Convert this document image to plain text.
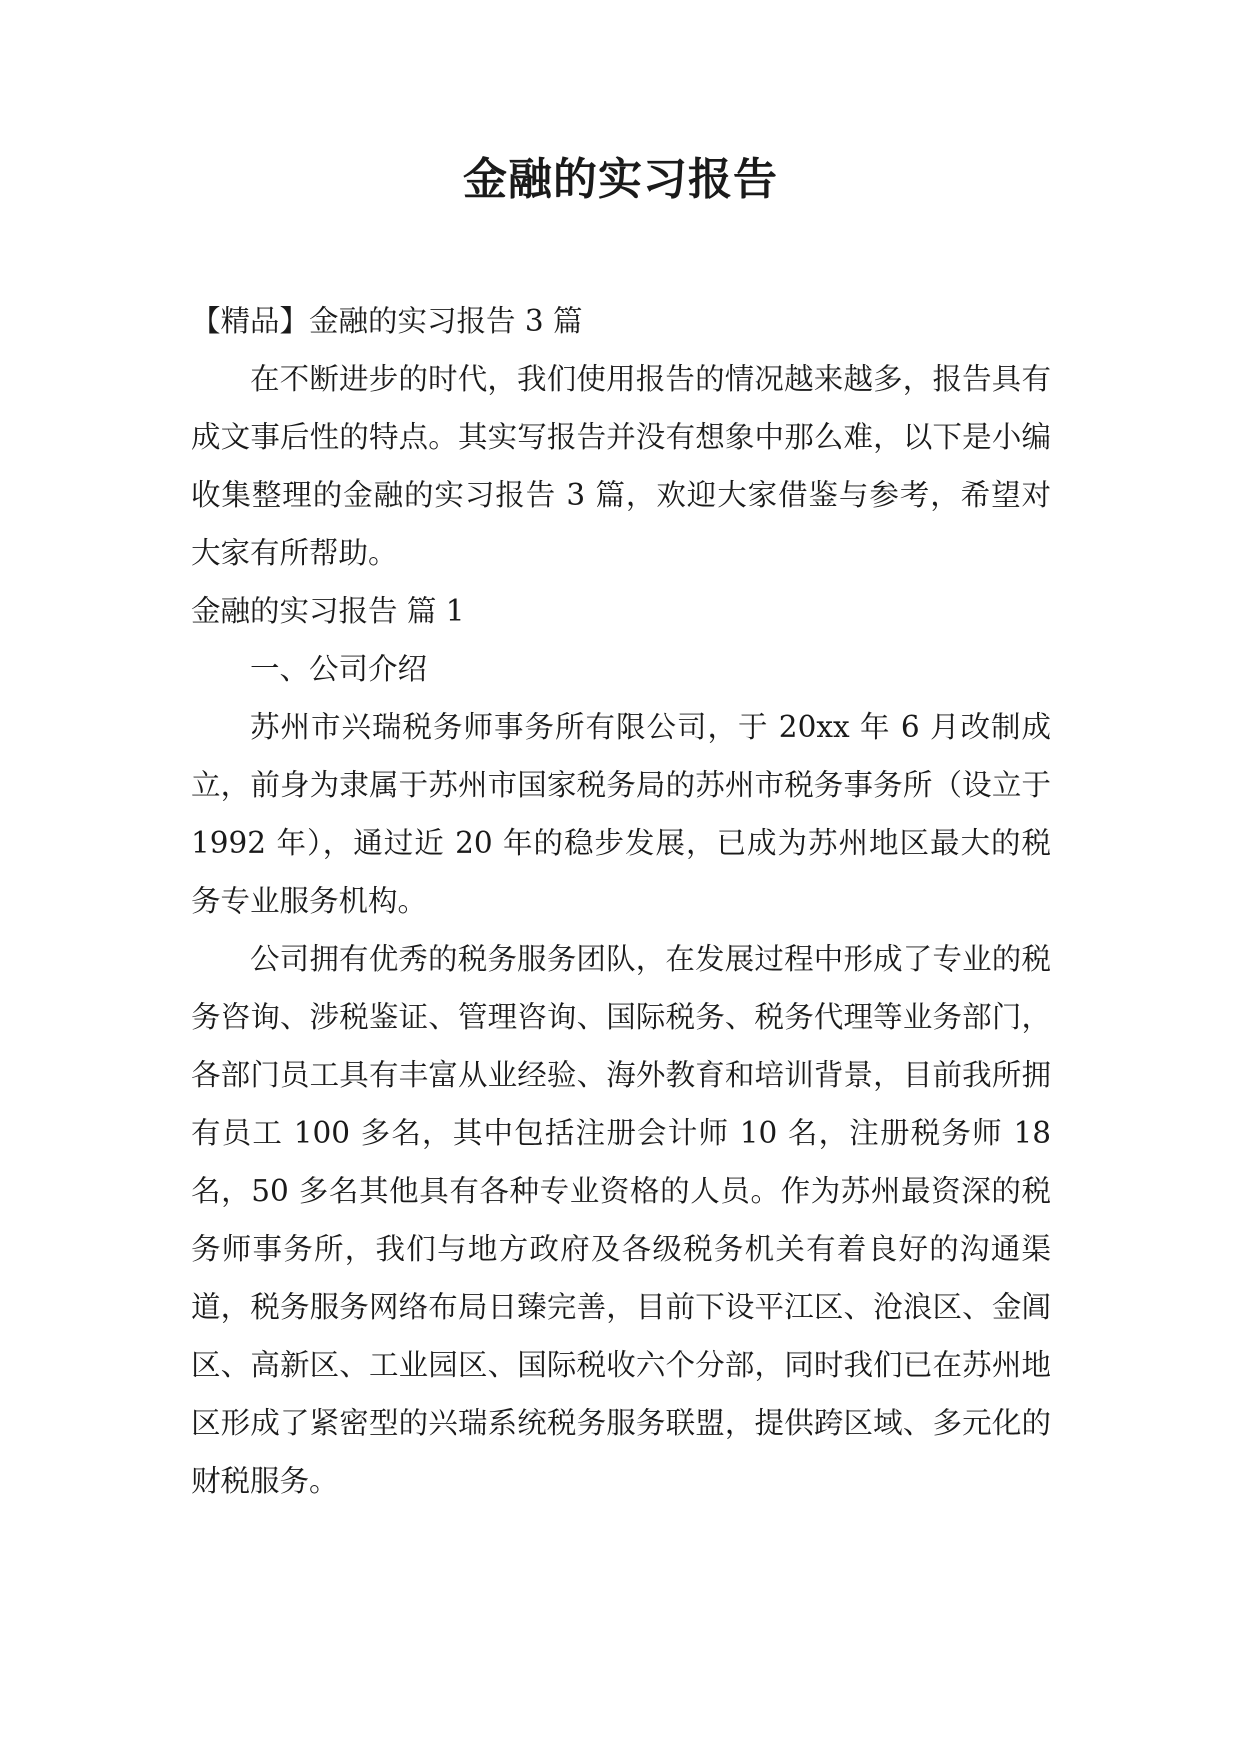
金融的实习报告

【精品】金融的实习报告 3 篇

在不断进步的时代，我们使用报告的情况越来越多，报告具有成文事后性的特点。其实写报告并没有想象中那么难，以下是小编收集整理的金融的实习报告 3 篇，欢迎大家借鉴与参考，希望对大家有所帮助。

金融的实习报告 篇 1

一、公司介绍

苏州市兴瑞税务师事务所有限公司，于 20xx 年 6 月改制成立，前身为隶属于苏州市国家税务局的苏州市税务事务所（设立于 1992 年），通过近 20 年的稳步发展，已成为苏州地区最大的税务专业服务机构。

公司拥有优秀的税务服务团队，在发展过程中形成了专业的税务咨询、涉税鉴证、管理咨询、国际税务、税务代理等业务部门，各部门员工具有丰富从业经验、海外教育和培训背景，目前我所拥有员工 100 多名，其中包括注册会计师 10 名，注册税务师 18 名，50 多名其他具有各种专业资格的人员。作为苏州最资深的税务师事务所，我们与地方政府及各级税务机关有着良好的沟通渠道，税务服务网络布局日臻完善，目前下设平江区、沧浪区、金阊区、高新区、工业园区、国际税收六个分部，同时我们已在苏州地区形成了紧密型的兴瑞系统税务服务联盟，提供跨区域、多元化的财税服务。
